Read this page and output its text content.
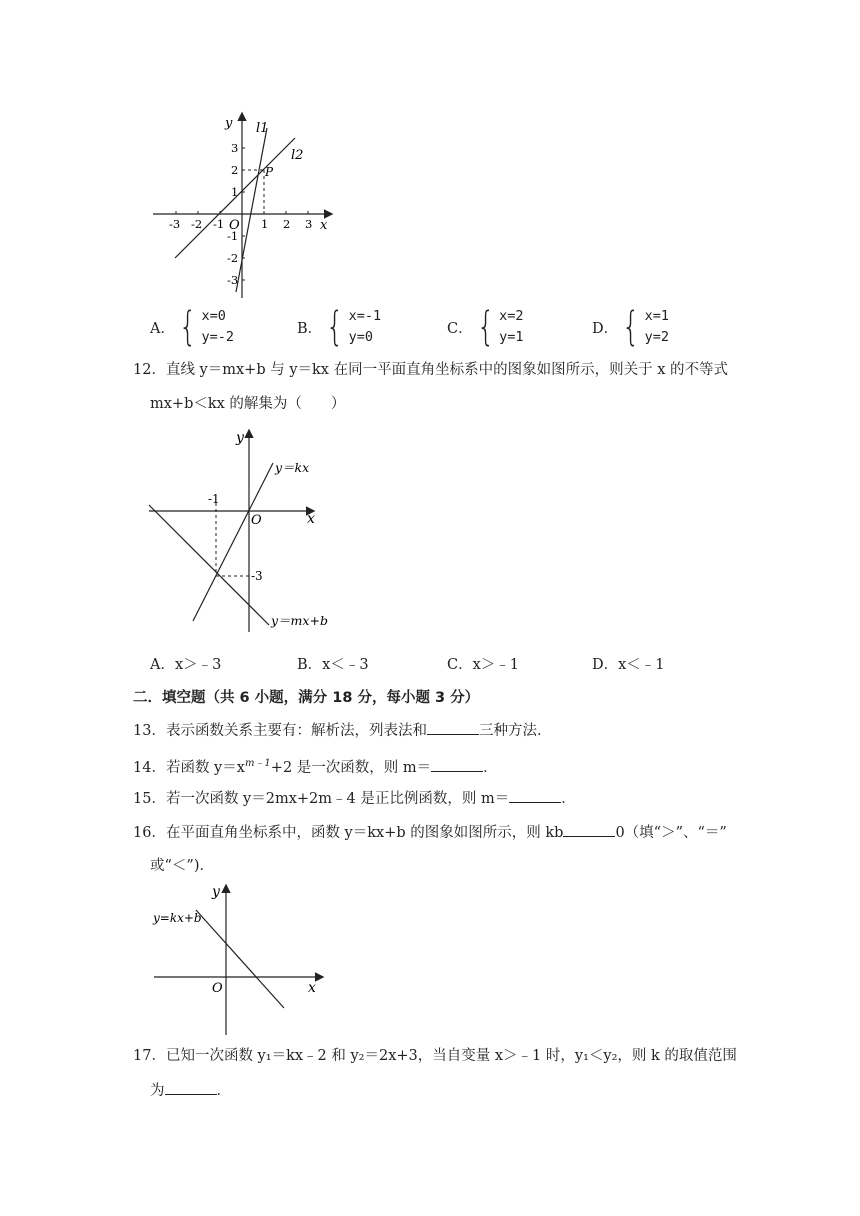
x
y
O
l1
l2
P
-3 -2 -1	1 2 3
3
2
1
-1
-2
-3
A． { x=0
y=-2
B． { x=-1
y=0
C． { x=2
y=1
D． { x=1
y=2
12．直线 y＝mx+b 与 y＝kx 在同一平面直角坐标系中的图象如图所示，则关于 x 的不等式
mx+b＜kx 的解集为（　　）
x
y
O
y＝kx
y＝mx+b
-1
-3
A．x＞﹣3	B．x＜﹣3	C．x＞﹣1	D．x＜﹣1
二．填空题（共 6 小题，满分 18 分，每小题 3 分）
13．表示函数关系主要有：解析法，列表法和	三种方法．
14．若函数 $y=x^{m﹣1}+2$ 是一次函数，则 m＝	．
15．若一次函数 y＝2mx+2m﹣4 是正比例函数，则 m＝	．
16．在平面直角坐标系中，函数 y＝kx+b 的图象如图所示，则 kb	0（填“＞”、“＝”
或“＜”)．
x
y
O
y=kx+b
17．已知一次函数 y₁＝kx﹣2 和 y₂＝2x+3，当自变量 x＞﹣1 时，y₁＜y₂，则 k 的取值范围
为	．
